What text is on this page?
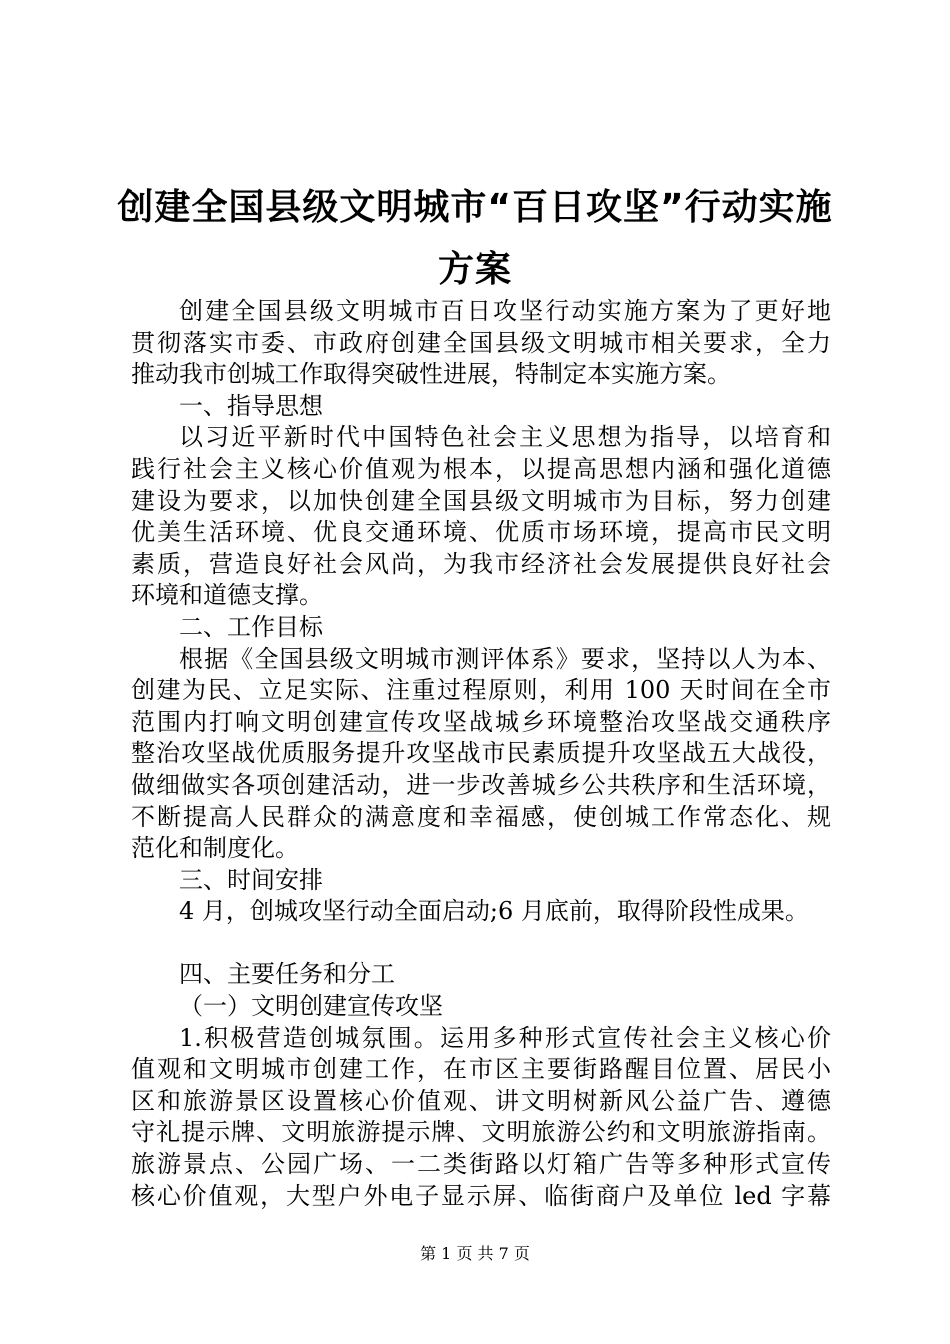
创建全国县级文明城市“百日攻坚”行动实施
方案
创建全国县级文明城市百日攻坚行动实施方案为了更好地
贯彻落实市委、市政府创建全国县级文明城市相关要求，全力
推动我市创城工作取得突破性进展，特制定本实施方案。
一、指导思想
以习近平新时代中国特色社会主义思想为指导，以培育和
践行社会主义核心价值观为根本，以提高思想内涵和强化道德
建设为要求，以加快创建全国县级文明城市为目标，努力创建
优美生活环境、优良交通环境、优质市场环境，提高市民文明
素质，营造良好社会风尚，为我市经济社会发展提供良好社会
环境和道德支撑。
二、工作目标
根据《全国县级文明城市测评体系》要求，坚持以人为本、
创建为民、立足实际、注重过程原则，利用 100 天时间在全市
范围内打响文明创建宣传攻坚战城乡环境整治攻坚战交通秩序
整治攻坚战优质服务提升攻坚战市民素质提升攻坚战五大战役，
做细做实各项创建活动，进一步改善城乡公共秩序和生活环境，
不断提高人民群众的满意度和幸福感，使创城工作常态化、规
范化和制度化。
三、时间安排
4 月，创城攻坚行动全面启动;6 月底前，取得阶段性成果。
四、主要任务和分工
（一）文明创建宣传攻坚
1.积极营造创城氛围。运用多种形式宣传社会主义核心价
值观和文明城市创建工作，在市区主要街路醒目位置、居民小
区和旅游景区设置核心价值观、讲文明树新风公益广告、遵德
守礼提示牌、文明旅游提示牌、文明旅游公约和文明旅游指南。
旅游景点、公园广场、一二类街路以灯箱广告等多种形式宣传
核心价值观，大型户外电子显示屏、临街商户及单位 led 字幕
第 1 页 共 7 页
